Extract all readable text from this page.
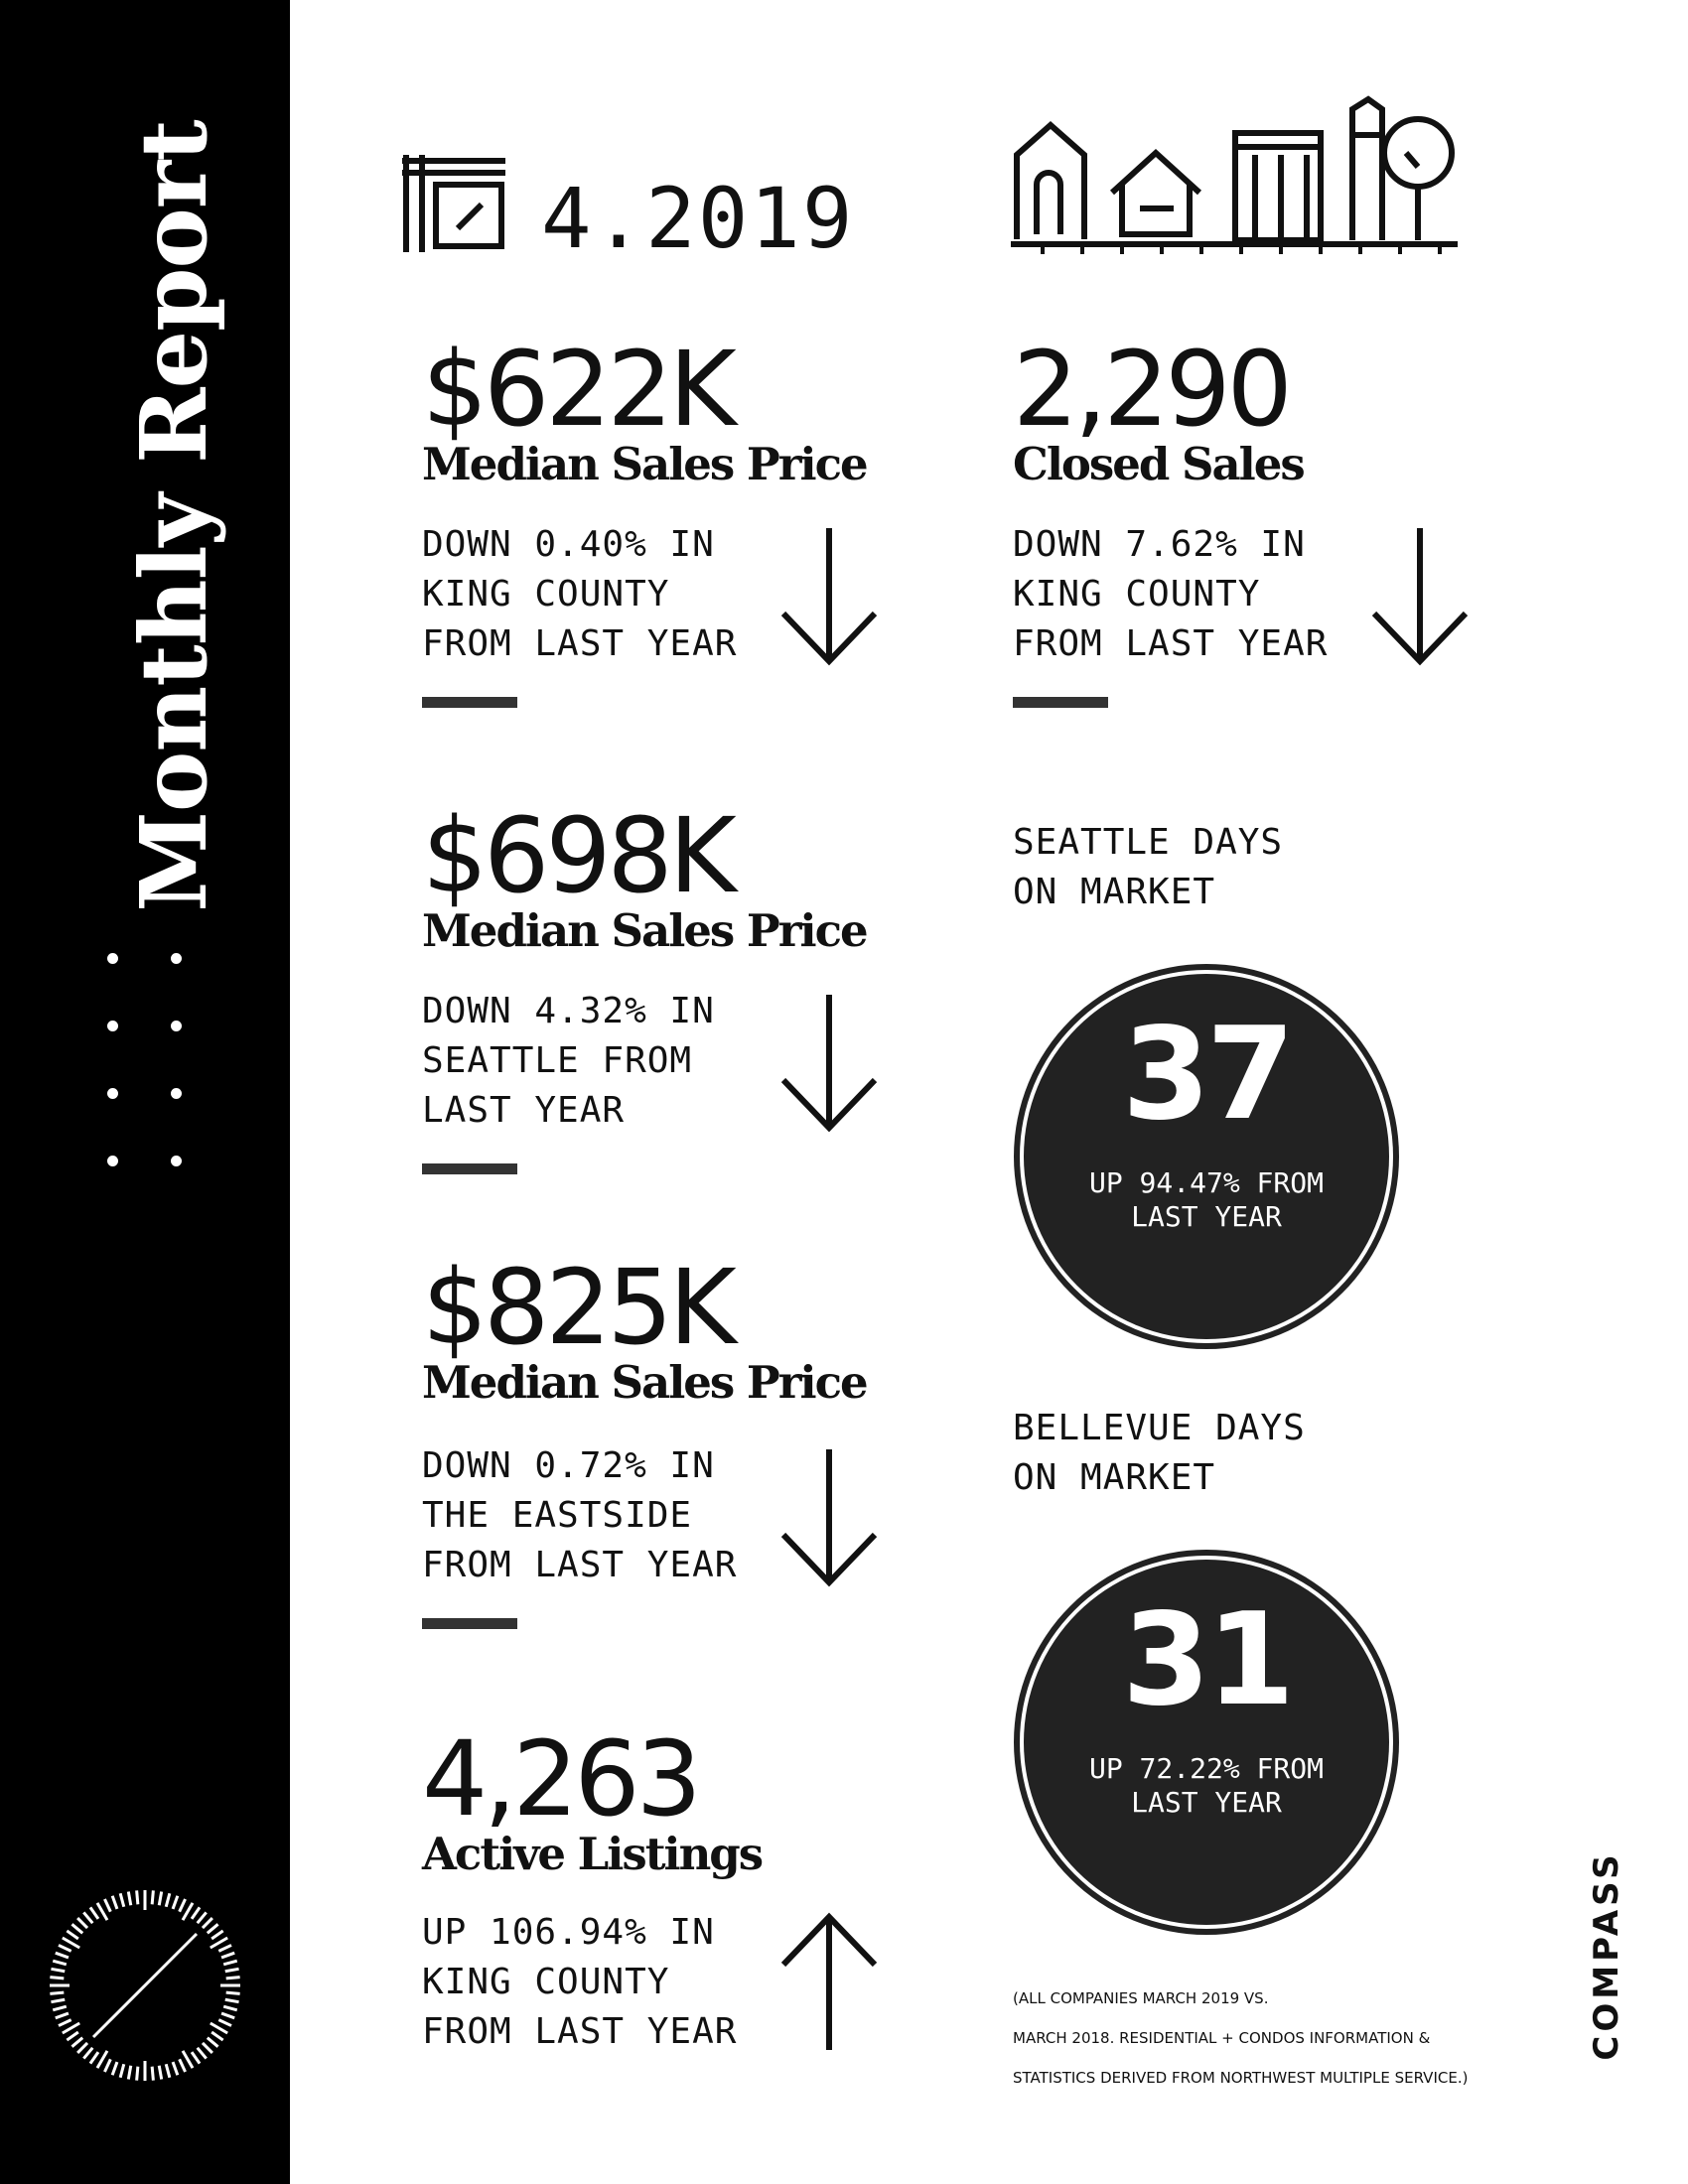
Monthly Report	4.2019
$622K
Median Sales Price
DOWN 0.40% IN
KING COUNTY
FROM LAST YEAR
2,290
Closed Sales
DOWN 7.62% IN
KING COUNTY
FROM LAST YEAR
$698K
Median Sales Price
DOWN 4.32% IN
SEATTLE FROM
LAST YEAR
SEATTLE DAYS
ON MARKET
37

UP 94.47% FROM
LAST YEAR

$825K
Median Sales Price
DOWN 0.72% IN
THE EASTSIDE
FROM LAST YEAR
BELLEVUE DAYS
ON MARKET
31

UP 72.22% FROM
LAST YEAR

4,263
Active Listings
UP 106.94% IN
KING COUNTY
FROM LAST YEAR
(ALL COMPANIES MARCH 2019 VS.
MARCH 2018. RESIDENTIAL + CONDOS INFORMATION &
STATISTICS DERIVED FROM NORTHWEST MULTIPLE SERVICE.)
COMPASS
